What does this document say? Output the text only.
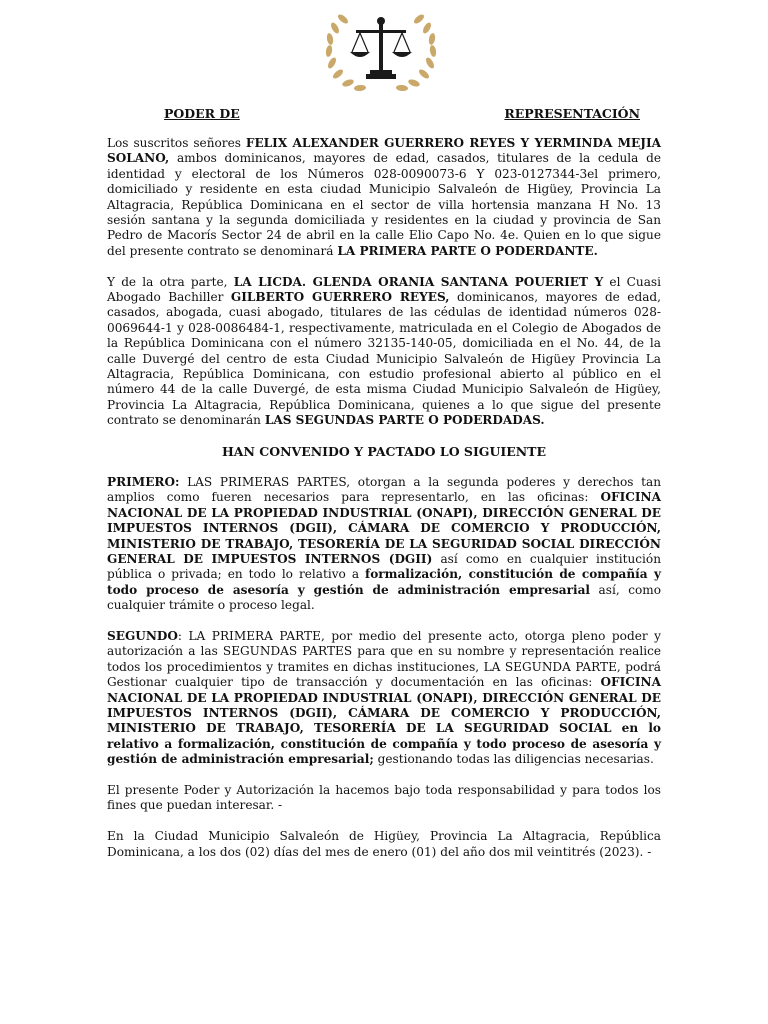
PODER DE	REPRESENTACIÓN

Los suscritos señores FELIX ALEXANDER GUERRERO REYES Y YERMINDA MEJIA SOLANO, ambos dominicanos, mayores de edad, casados, titulares de la cedula de identidad y electoral de los Números 028-0090073-6 Y 023-0127344-3el primero, domiciliado y residente en esta ciudad Municipio Salvaleón de Higüey, Provincia La Altagracia, República Dominicana en el sector de villa hortensia manzana H No. 13 sesión santana y la segunda domiciliada y residentes en la ciudad y provincia de San Pedro de Macorís Sector 24 de abril en la calle Elio Capo No. 4e. Quien en lo que sigue del presente contrato se denominará LA PRIMERA PARTE O PODERDANTE.

Y de la otra parte, LA LICDA. GLENDA ORANIA SANTANA POUERIET Y el Cuasi Abogado Bachiller GILBERTO GUERRERO REYES, dominicanos, mayores de edad, casados, abogada, cuasi abogado, titulares de las cédulas de identidad números 028-0069644-1 y 028-0086484-1, respectivamente, matriculada en el Colegio de Abogados de la República Dominicana con el número 32135-140-05, domiciliada en el No. 44, de la calle Duvergé del centro de esta Ciudad Municipio Salvaleón de Higüey Provincia La Altagracia, República Dominicana, con estudio profesional abierto al público en el número 44 de la calle Duvergé, de esta misma Ciudad Municipio Salvaleón de Higüey, Provincia La Altagracia, República Dominicana, quienes a lo que sigue del presente contrato se denominarán LAS SEGUNDAS PARTE O PODERDADAS.

HAN CONVENIDO Y PACTADO LO SIGUIENTE

PRIMERO: LAS PRIMERAS PARTES, otorgan a la segunda poderes y derechos tan amplios como fueren necesarios para representarlo, en las oficinas: OFICINA NACIONAL DE LA PROPIEDAD INDUSTRIAL (ONAPI), DIRECCIÓN GENERAL DE IMPUESTOS INTERNOS (DGII), CÁMARA DE COMERCIO Y PRODUCCIÓN, MINISTERIO DE TRABAJO, TESORERÍA DE LA SEGURIDAD SOCIAL DIRECCIÓN GENERAL DE IMPUESTOS INTERNOS (DGII) así como en cualquier institución pública o privada; en todo lo relativo a formalización, constitución de compañía y todo proceso de asesoría y gestión de administración empresarial así, como cualquier trámite o proceso legal.

SEGUNDO: LA PRIMERA PARTE, por medio del presente acto, otorga pleno poder y autorización a las SEGUNDAS PARTES para que en su nombre y representación realice todos los procedimientos y tramites en dichas instituciones, LA SEGUNDA PARTE, podrá Gestionar cualquier tipo de transacción y documentación en las oficinas: OFICINA NACIONAL DE LA PROPIEDAD INDUSTRIAL (ONAPI), DIRECCIÓN GENERAL DE IMPUESTOS INTERNOS (DGII), CÁMARA DE COMERCIO Y PRODUCCIÓN, MINISTERIO DE TRABAJO, TESORERÍA DE LA SEGURIDAD SOCIAL en lo relativo a formalización, constitución de compañía y todo proceso de asesoría y gestión de administración empresarial; gestionando todas las diligencias necesarias.

El presente Poder y Autorización la hacemos bajo toda responsabilidad y para todos los fines que puedan interesar. -

En la Ciudad Municipio Salvaleón de Higüey, Provincia La Altagracia, República Dominicana, a los dos (02) días del mes de enero (01) del año dos mil veintitrés (2023). -
